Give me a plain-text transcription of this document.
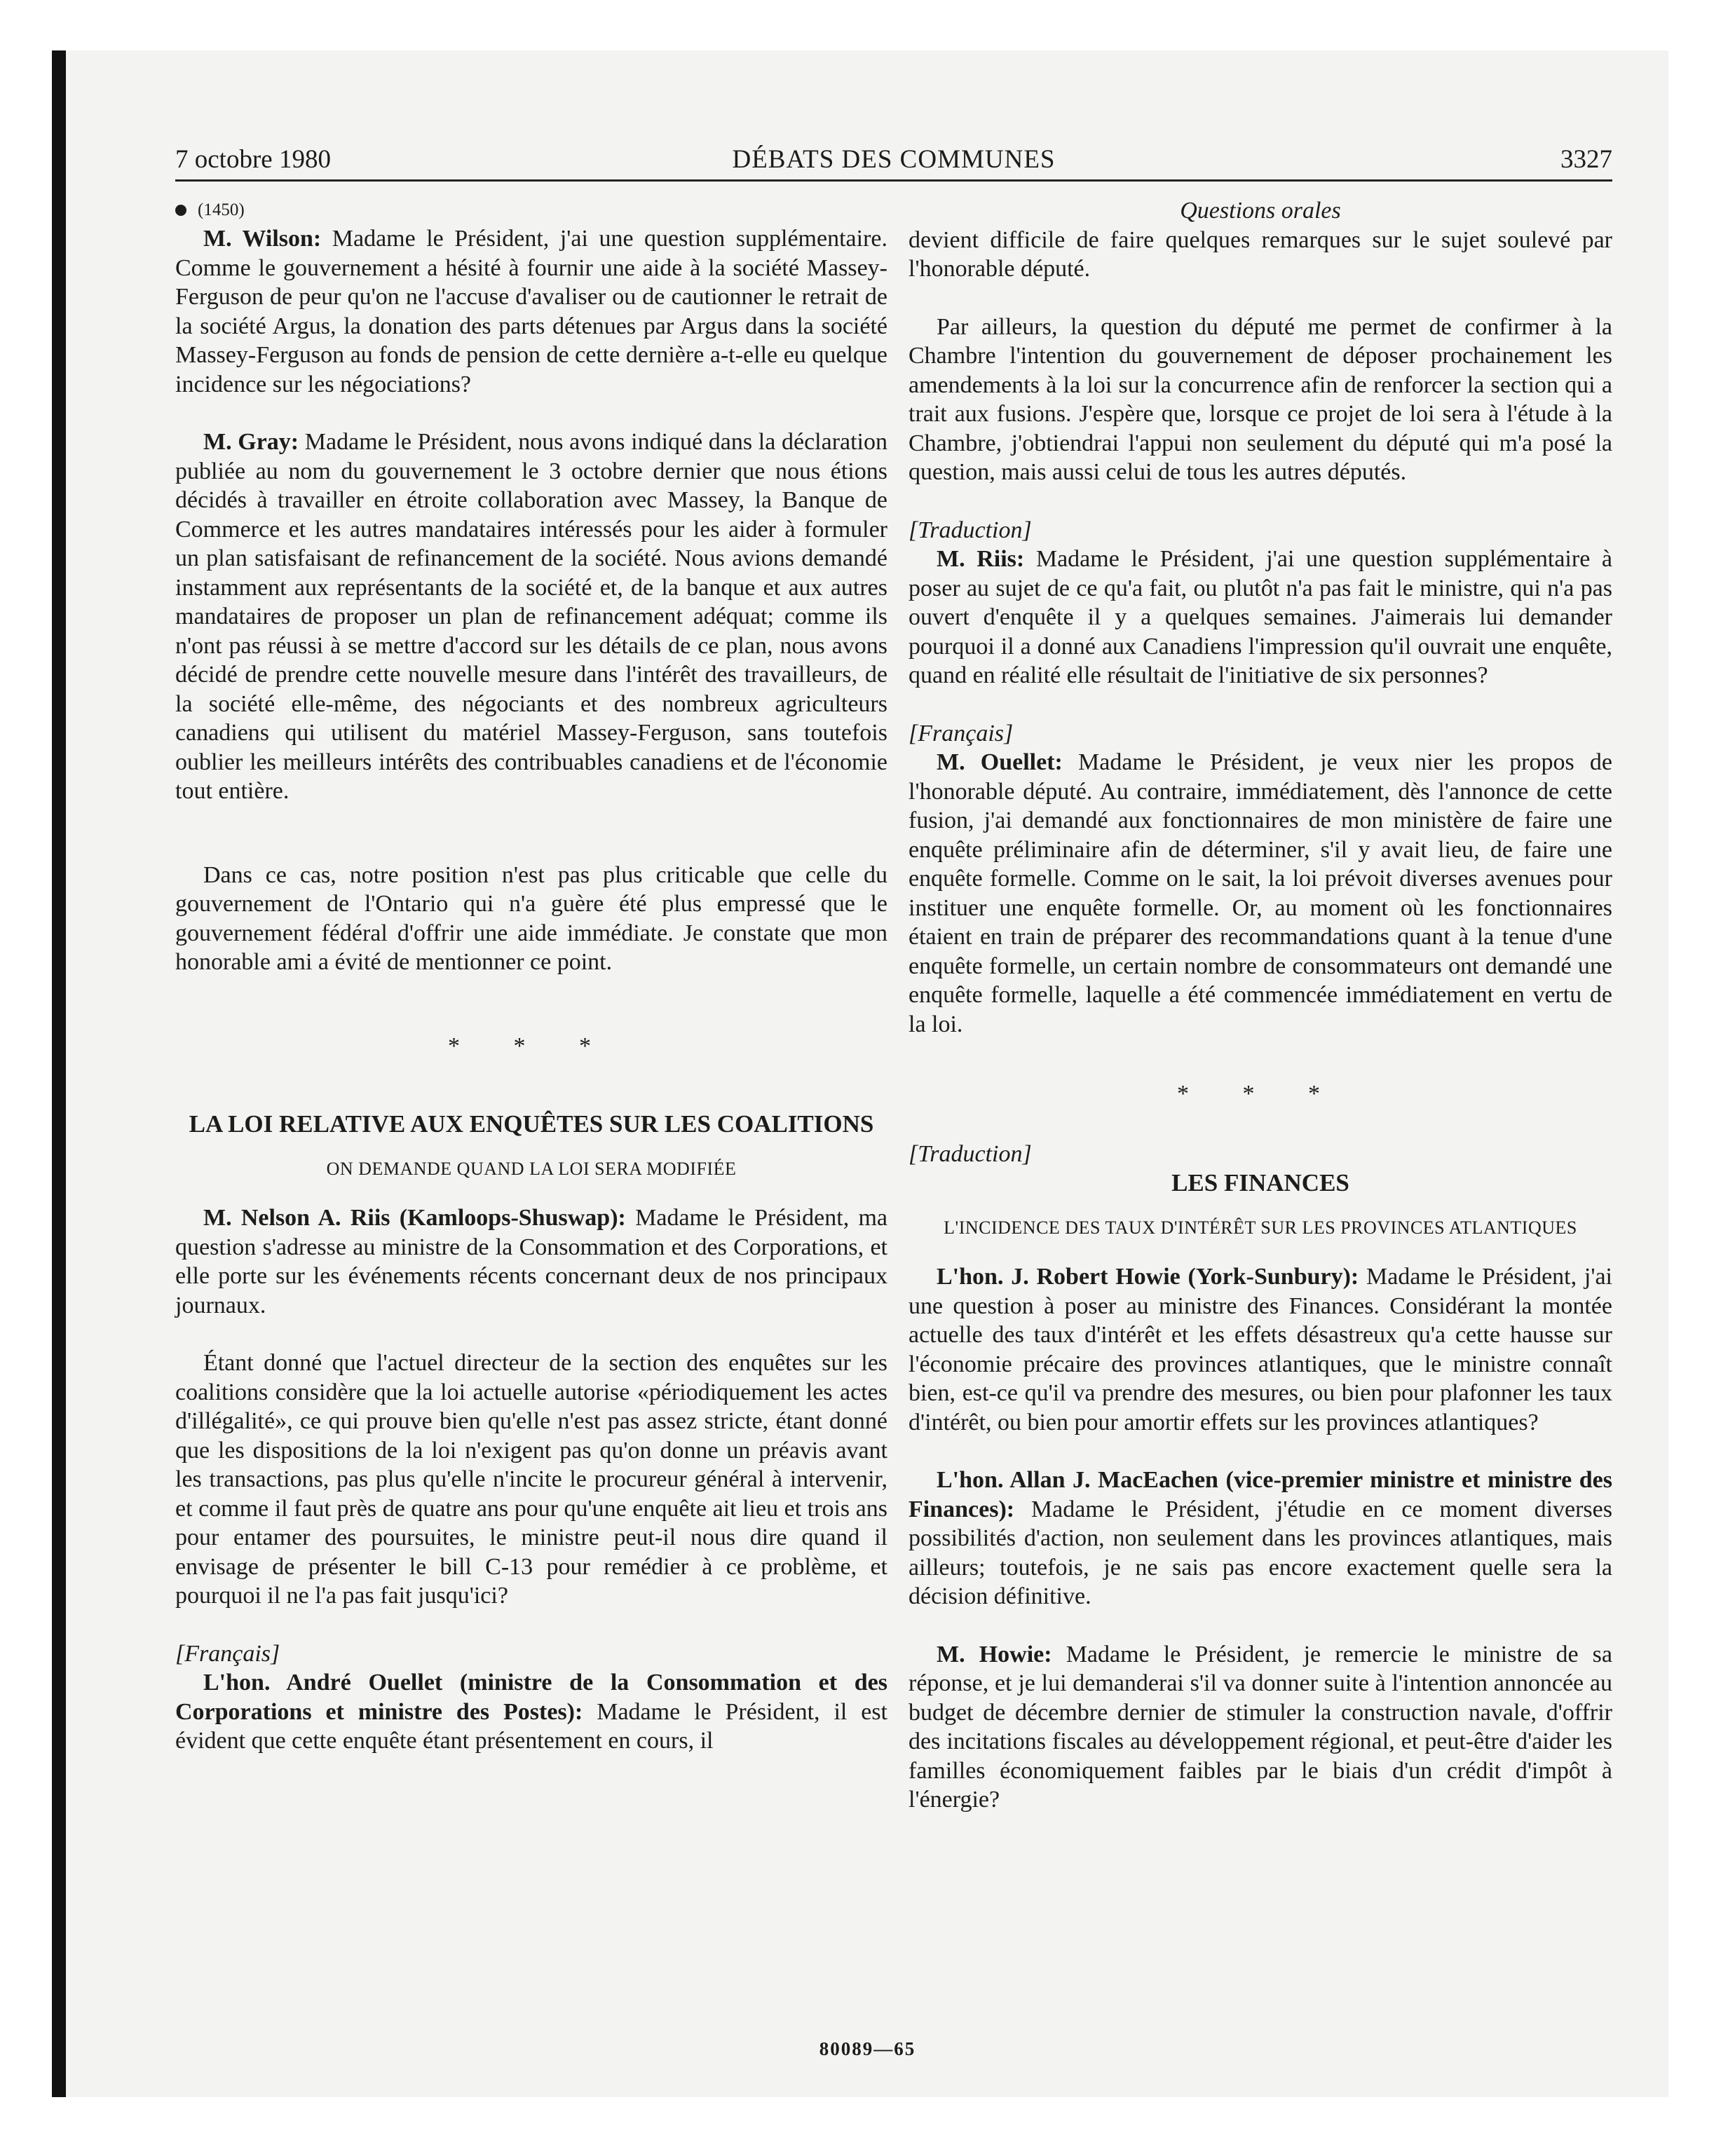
7 octobre 1980	DÉBATS DES COMMUNES	3327

(1450)

M. Wilson: Madame le Président, j'ai une question supplémentaire. Comme le gouvernement a hésité à fournir une aide à la société Massey-Ferguson de peur qu'on ne l'accuse d'avaliser ou de cautionner le retrait de la société Argus, la donation des parts détenues par Argus dans la société Massey-Ferguson au fonds de pension de cette dernière a-t-elle eu quelque incidence sur les négociations?

M. Gray: Madame le Président, nous avons indiqué dans la déclaration publiée au nom du gouvernement le 3 octobre dernier que nous étions décidés à travailler en étroite collaboration avec Massey, la Banque de Commerce et les autres mandataires intéressés pour les aider à formuler un plan satisfaisant de refinancement de la société. Nous avions demandé instamment aux représentants de la société et, de la banque et aux autres mandataires de proposer un plan de refinancement adéquat; comme ils n'ont pas réussi à se mettre d'accord sur les détails de ce plan, nous avons décidé de prendre cette nouvelle mesure dans l'intérêt des travailleurs, de la société elle-même, des négociants et des nombreux agriculteurs canadiens qui utilisent du matériel Massey-Ferguson, sans toutefois oublier les meilleurs intérêts des contribuables canadiens et de l'économie tout entière.

Dans ce cas, notre position n'est pas plus criticable que celle du gouvernement de l'Ontario qui n'a guère été plus empressé que le gouvernement fédéral d'offrir une aide immédiate. Je constate que mon honorable ami a évité de mentionner ce point.

* * *

LA LOI RELATIVE AUX ENQUÊTES SUR LES COALITIONS

ON DEMANDE QUAND LA LOI SERA MODIFIÉE

M. Nelson A. Riis (Kamloops-Shuswap): Madame le Président, ma question s'adresse au ministre de la Consommation et des Corporations, et elle porte sur les événements récents concernant deux de nos principaux journaux.

Étant donné que l'actuel directeur de la section des enquêtes sur les coalitions considère que la loi actuelle autorise «périodiquement les actes d'illégalité», ce qui prouve bien qu'elle n'est pas assez stricte, étant donné que les dispositions de la loi n'exigent pas qu'on donne un préavis avant les transactions, pas plus qu'elle n'incite le procureur général à intervenir, et comme il faut près de quatre ans pour qu'une enquête ait lieu et trois ans pour entamer des poursuites, le ministre peut-il nous dire quand il envisage de présenter le bill C-13 pour remédier à ce problème, et pourquoi il ne l'a pas fait jusqu'ici?

[Français]

L'hon. André Ouellet (ministre de la Consommation et des Corporations et ministre des Postes): Madame le Président, il est évident que cette enquête étant présentement en cours, il

Questions orales

devient difficile de faire quelques remarques sur le sujet soulevé par l'honorable député.

Par ailleurs, la question du député me permet de confirmer à la Chambre l'intention du gouvernement de déposer prochainement les amendements à la loi sur la concurrence afin de renforcer la section qui a trait aux fusions. J'espère que, lorsque ce projet de loi sera à l'étude à la Chambre, j'obtiendrai l'appui non seulement du député qui m'a posé la question, mais aussi celui de tous les autres députés.

[Traduction]

M. Riis: Madame le Président, j'ai une question supplémentaire à poser au sujet de ce qu'a fait, ou plutôt n'a pas fait le ministre, qui n'a pas ouvert d'enquête il y a quelques semaines. J'aimerais lui demander pourquoi il a donné aux Canadiens l'impression qu'il ouvrait une enquête, quand en réalité elle résultait de l'initiative de six personnes?

[Français]

M. Ouellet: Madame le Président, je veux nier les propos de l'honorable député. Au contraire, immédiatement, dès l'annonce de cette fusion, j'ai demandé aux fonctionnaires de mon ministère de faire une enquête préliminaire afin de déterminer, s'il y avait lieu, de faire une enquête formelle. Comme on le sait, la loi prévoit diverses avenues pour instituer une enquête formelle. Or, au moment où les fonctionnaires étaient en train de préparer des recommandations quant à la tenue d'une enquête formelle, un certain nombre de consommateurs ont demandé une enquête formelle, laquelle a été commencée immédiatement en vertu de la loi.

* * *

[Traduction]

LES FINANCES

L'INCIDENCE DES TAUX D'INTÉRÊT SUR LES PROVINCES ATLANTIQUES

L'hon. J. Robert Howie (York-Sunbury): Madame le Président, j'ai une question à poser au ministre des Finances. Considérant la montée actuelle des taux d'intérêt et les effets désastreux qu'a cette hausse sur l'économie précaire des provinces atlantiques, que le ministre connaît bien, est-ce qu'il va prendre des mesures, ou bien pour plafonner les taux d'intérêt, ou bien pour amortir effets sur les provinces atlantiques?

L'hon. Allan J. MacEachen (vice-premier ministre et ministre des Finances): Madame le Président, j'étudie en ce moment diverses possibilités d'action, non seulement dans les provinces atlantiques, mais ailleurs; toutefois, je ne sais pas encore exactement quelle sera la décision définitive.

M. Howie: Madame le Président, je remercie le ministre de sa réponse, et je lui demanderai s'il va donner suite à l'intention annoncée au budget de décembre dernier de stimuler la construction navale, d'offrir des incitations fiscales au développement régional, et peut-être d'aider les familles économiquement faibles par le biais d'un crédit d'impôt à l'énergie?

80089—65
